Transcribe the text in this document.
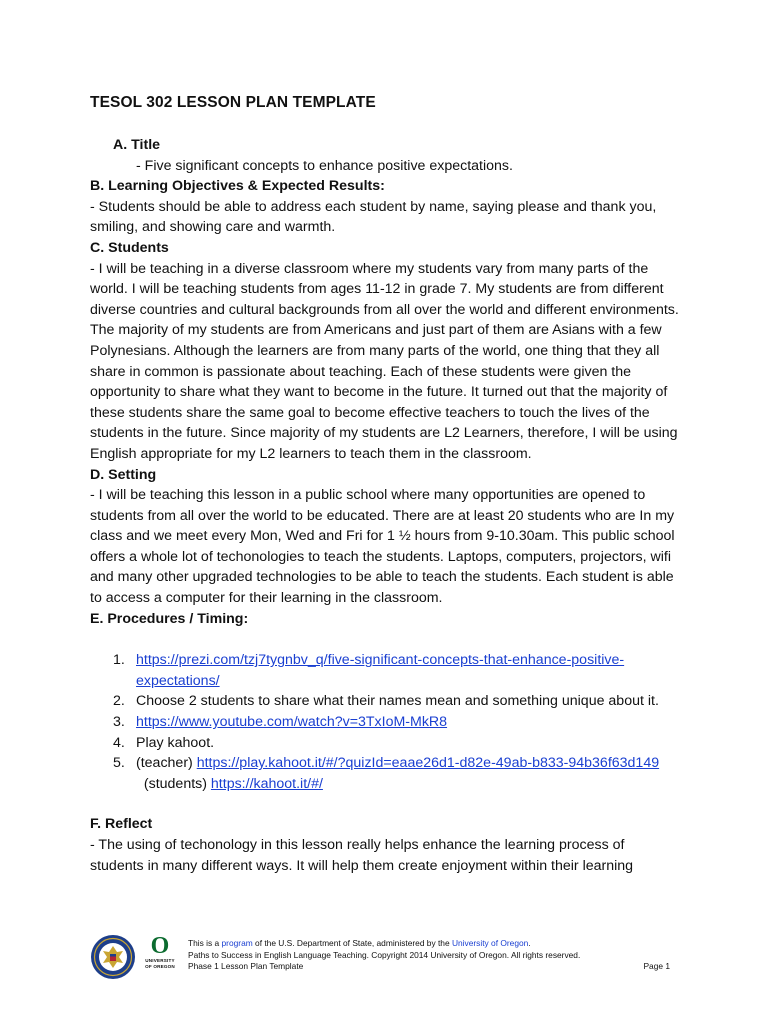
TESOL 302 LESSON PLAN TEMPLATE

A. Title

- Five significant concepts to enhance positive expectations.

B. Learning Objectives & Expected Results:

- Students should be able to address each student by name, saying please and thank you, smiling, and showing care and warmth.

C. Students

- I will be teaching in a diverse classroom where my students vary from many parts of the world. I will be teaching students from ages 11-12 in grade 7. My students are from different diverse countries and cultural backgrounds from all over the world and different environments. The majority of my students are from Americans and just part of them are Asians with a few Polynesians. Although the learners are from many parts of the world, one thing that they all share in common is passionate about teaching. Each of these students were given the opportunity to share what they want to become in the future. It turned out that the majority of these students share the same goal to become effective teachers to touch the lives of the students in the future. Since majority of my students are L2 Learners, therefore, I will be using English appropriate for my L2 learners to teach them in the classroom.

D. Setting

- I will be teaching this lesson in a public school where many opportunities are opened to students from all over the world to be educated. There are at least 20 students who are In my class and we meet every Mon, Wed and Fri for 1 ½ hours from 9-10.30am. This public school offers a whole lot of techonologies to teach the students. Laptops, computers, projectors, wifi and many other upgraded technologies to be able to teach the students. Each student is able to access a computer for their learning in the classroom.

E. Procedures / Timing:

1. https://prezi.com/tzj7tygnbv_q/five-significant-concepts-that-enhance-positive-expectations/
2. Choose 2 students to share what their names mean and something unique about it.
3. https://www.youtube.com/watch?v=3TxIoM-MkR8
4. Play kahoot.
5. (teacher) https://play.kahoot.it/#/?quizId=eaae26d1-d82e-49ab-b833-94b36f63d149  (students) https://kahoot.it/#/

F. Reflect

- The using of techonology in this lesson really helps enhance the learning process of students in many different ways. It will help them create enjoyment within their learning

O
UNIVERSITY
OF OREGON
This is a program of the U.S. Department of State, administered by the University of Oregon.
Paths to Success in English Language Teaching. Copyright 2014 University of Oregon. All rights reserved.
Phase 1 Lesson Plan Template	Page 1
